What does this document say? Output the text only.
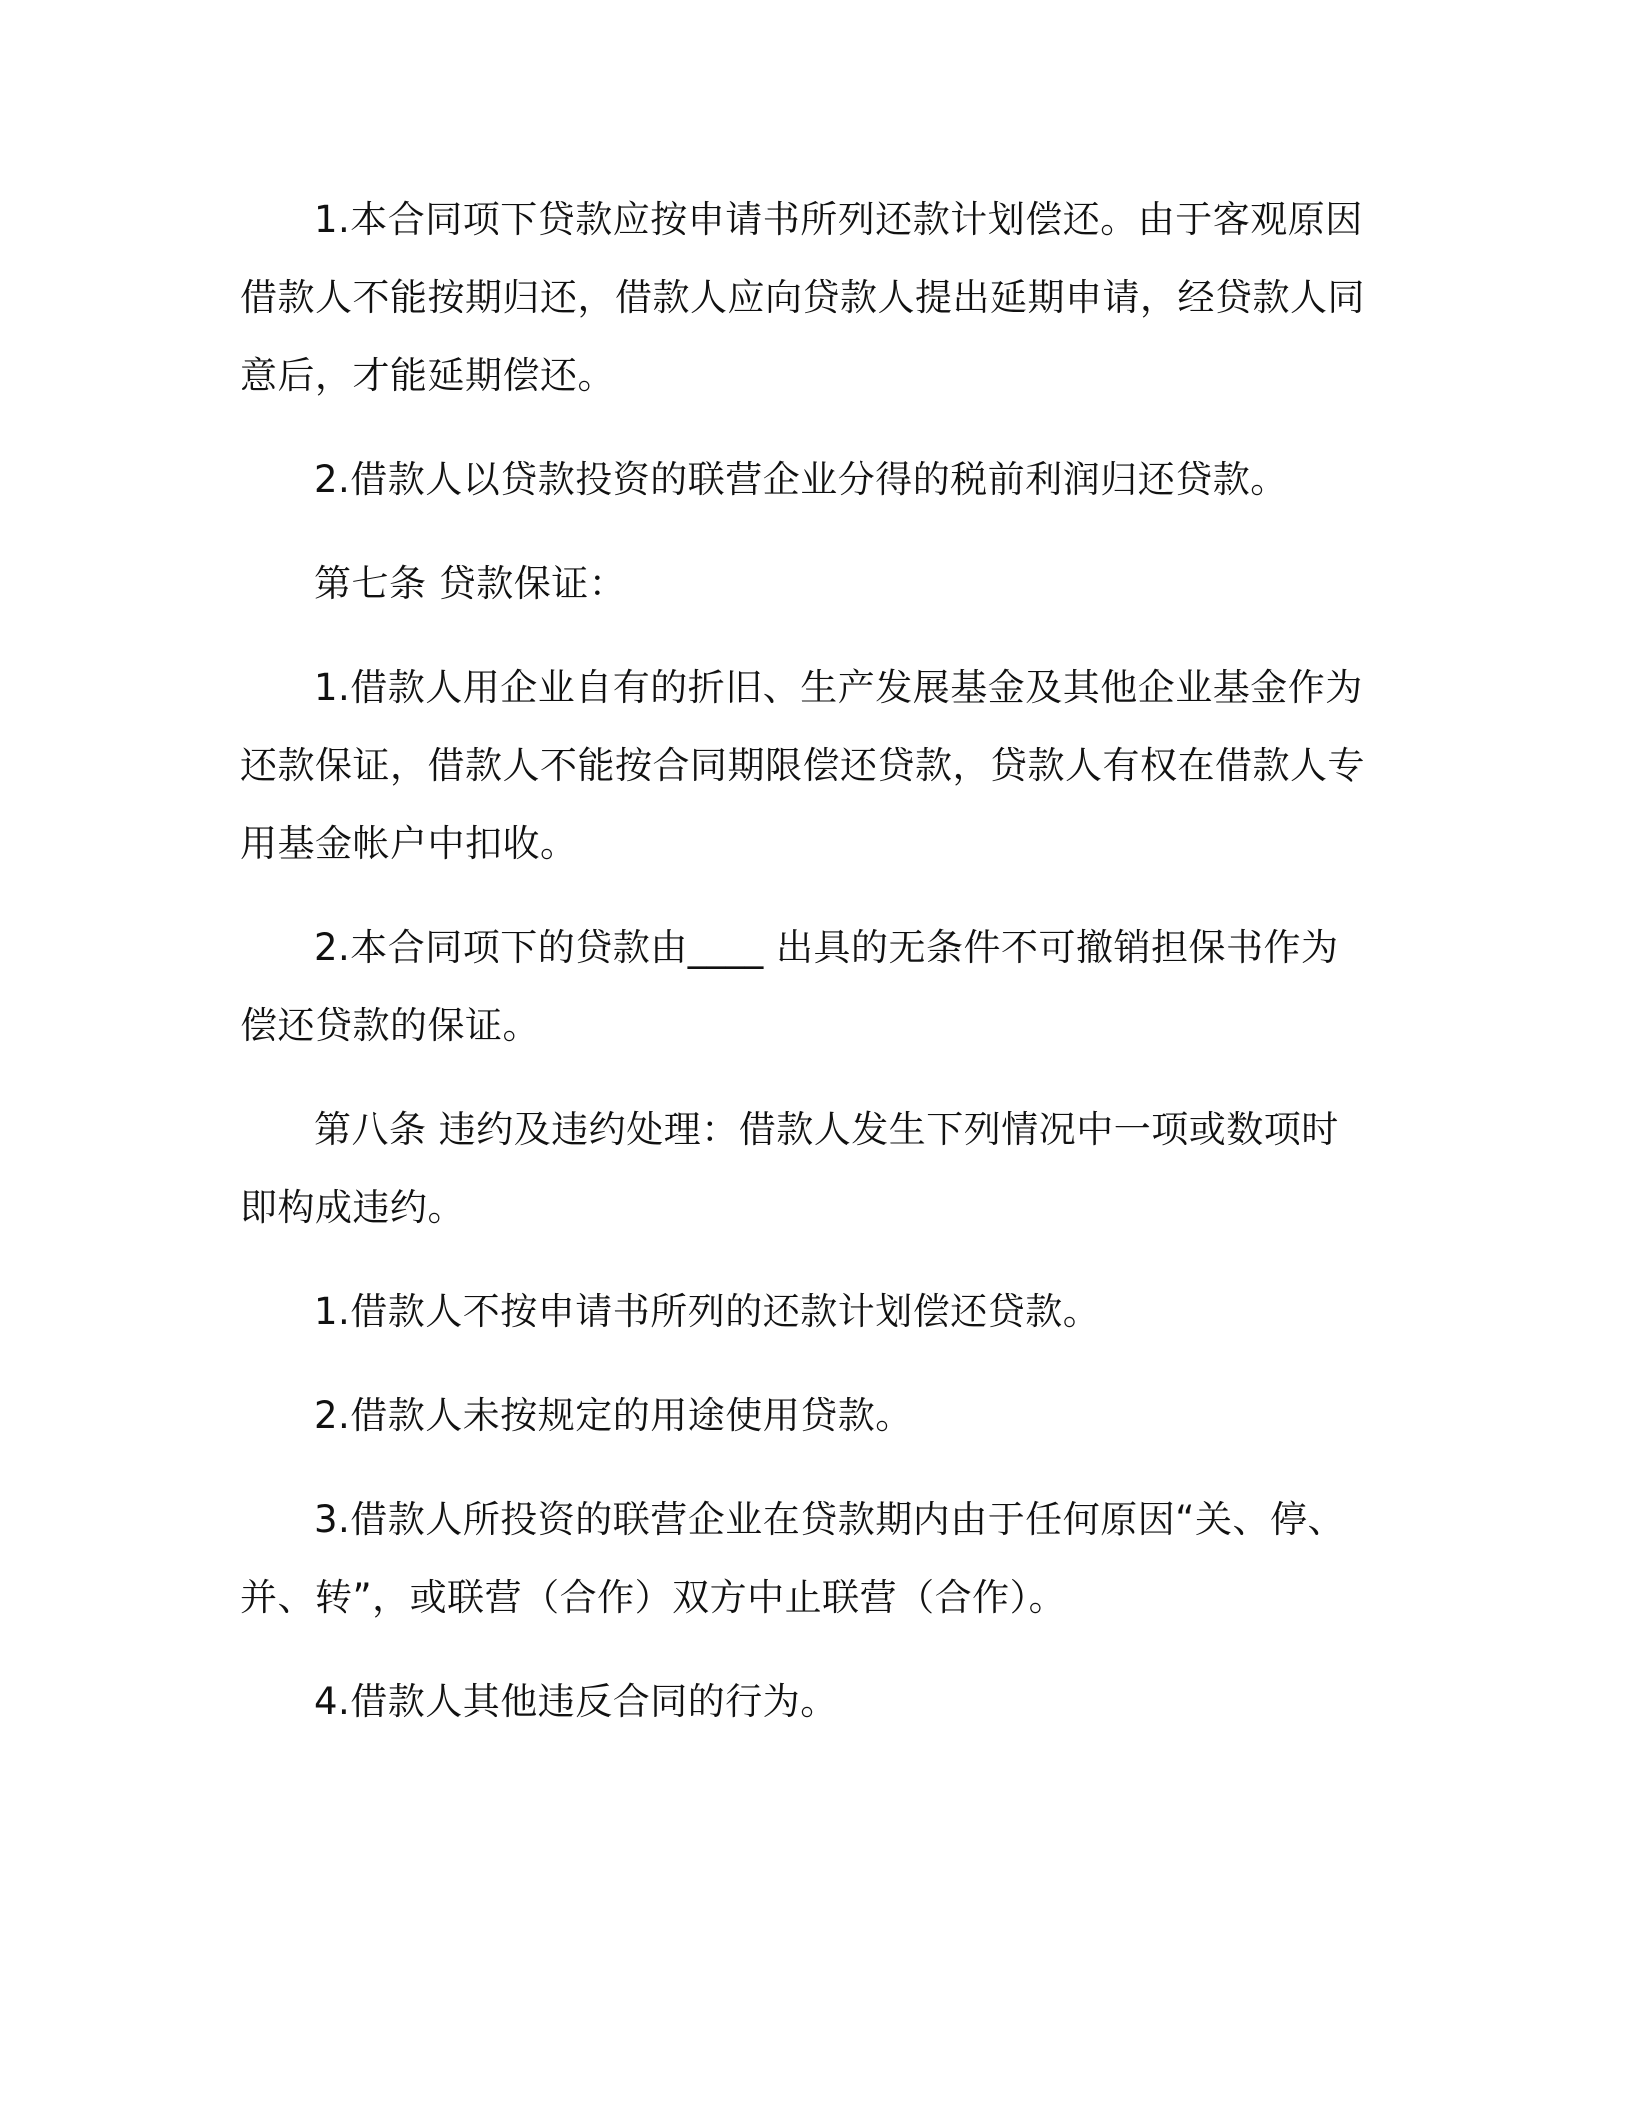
1.本合同项下贷款应按申请书所列还款计划偿还。由于客观原因借款人不能按期归还，借款人应向贷款人提出延期申请，经贷款人同意后，才能延期偿还。

2.借款人以贷款投资的联营企业分得的税前利润归还贷款。

第七条 贷款保证：

1.借款人用企业自有的折旧、生产发展基金及其他企业基金作为还款保证，借款人不能按合同期限偿还贷款，贷款人有权在借款人专用基金帐户中扣收。

2.本合同项下的贷款由____ 出具的无条件不可撤销担保书作为偿还贷款的保证。

第八条 违约及违约处理：借款人发生下列情况中一项或数项时即构成违约。

1.借款人不按申请书所列的还款计划偿还贷款。

2.借款人未按规定的用途使用贷款。

3.借款人所投资的联营企业在贷款期内由于任何原因“关、停、并、转”，或联营（合作）双方中止联营（合作）。

4.借款人其他违反合同的行为。
